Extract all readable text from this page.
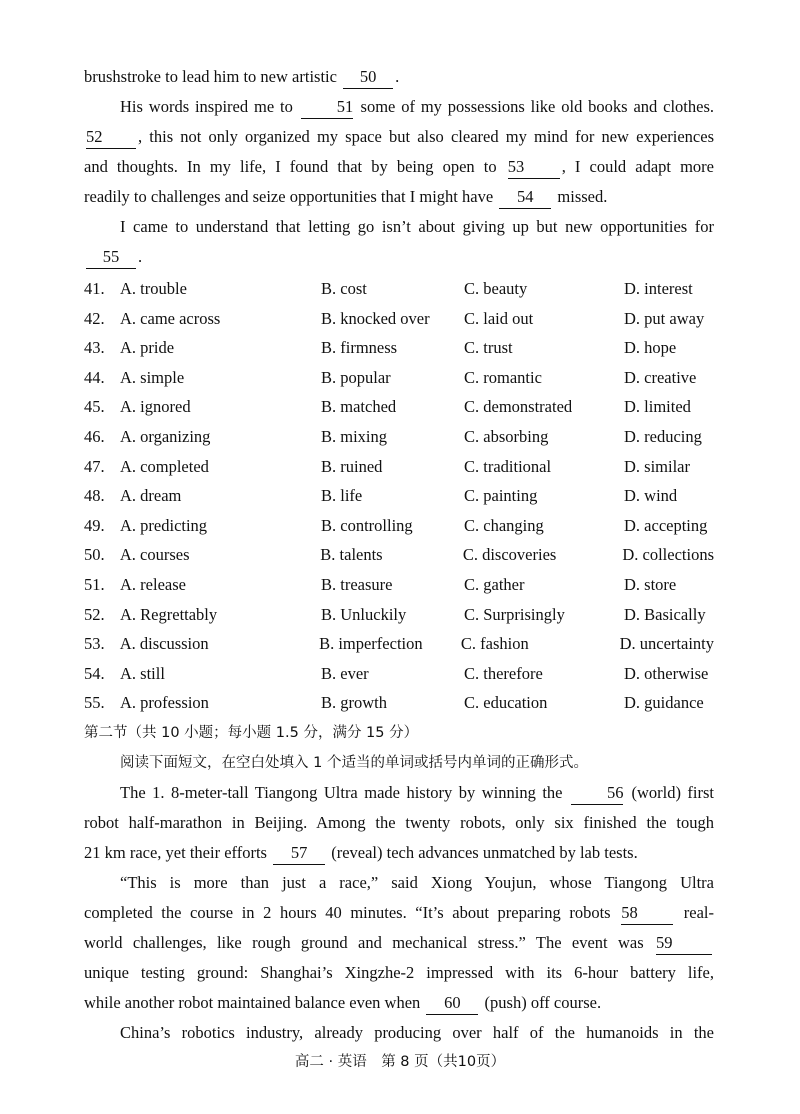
brushstroke to lead him to new artistic 50 .
His words inspired me to	51 some of my possessions like old books and clothes.
52 , this not only organized my space but also cleared my mind for new experiences
and thoughts. In my life, I found that by being open to 53 , I could adapt more
readily to challenges and seize opportunities that I might have 54 missed.
I came to understand that letting go isn’t about giving up but new opportunities for
55 .
41. A. trouble	B. cost	C. beauty	D. interest
42. A. came across	B. knocked over	C. laid out	D. put away
43. A. pride	B. firmness	C. trust	D. hope
44. A. simple	B. popular	C. romantic	D. creative
45. A. ignored	B. matched	C. demonstrated	D. limited
46. A. organizing	B. mixing	C. absorbing	D. reducing
47. A. completed	B. ruined	C. traditional	D. similar
48. A. dream	B. life	C. painting	D. wind
49. A. predicting	B. controlling	C. changing	D. accepting
50. A. courses	B. talents	C. discoveries	D. collections
51. A. release	B. treasure	C. gather	D. store
52. A. Regrettably	B. Unluckily	C. Surprisingly	D. Basically
53. A. discussion	B. imperfection	C. fashion	D. uncertainty
54. A. still	B. ever	C. therefore	D. otherwise
55. A. profession	B. growth	C. education	D. guidance
第二节（共 10 小题；每小题 1.5 分，满分 15 分）
阅读下面短文，在空白处填入 1 个适当的单词或括号内单词的正确形式。
The 1. 8-meter-tall Tiangong Ultra made history by winning the	56 (world) first
robot half-marathon in Beijing. Among the twenty robots, only six finished the tough
21 km race, yet their efforts 57 (reveal) tech advances unmatched by lab tests.
“This is more than just a race,” said Xiong Youjun, whose Tiangong Ultra
completed the course in 2 hours 40 minutes. “It’s about preparing robots 58	real-
world challenges, like rough ground and mechanical stress.” The event was 59
unique testing ground: Shanghai’s Xingzhe-2 impressed with its 6-hour battery life,
while another robot maintained balance even when 60 (push) off course.
China’s robotics industry, already producing over half of the humanoids in the
高二 · 英语　第 8 页（共10页）
